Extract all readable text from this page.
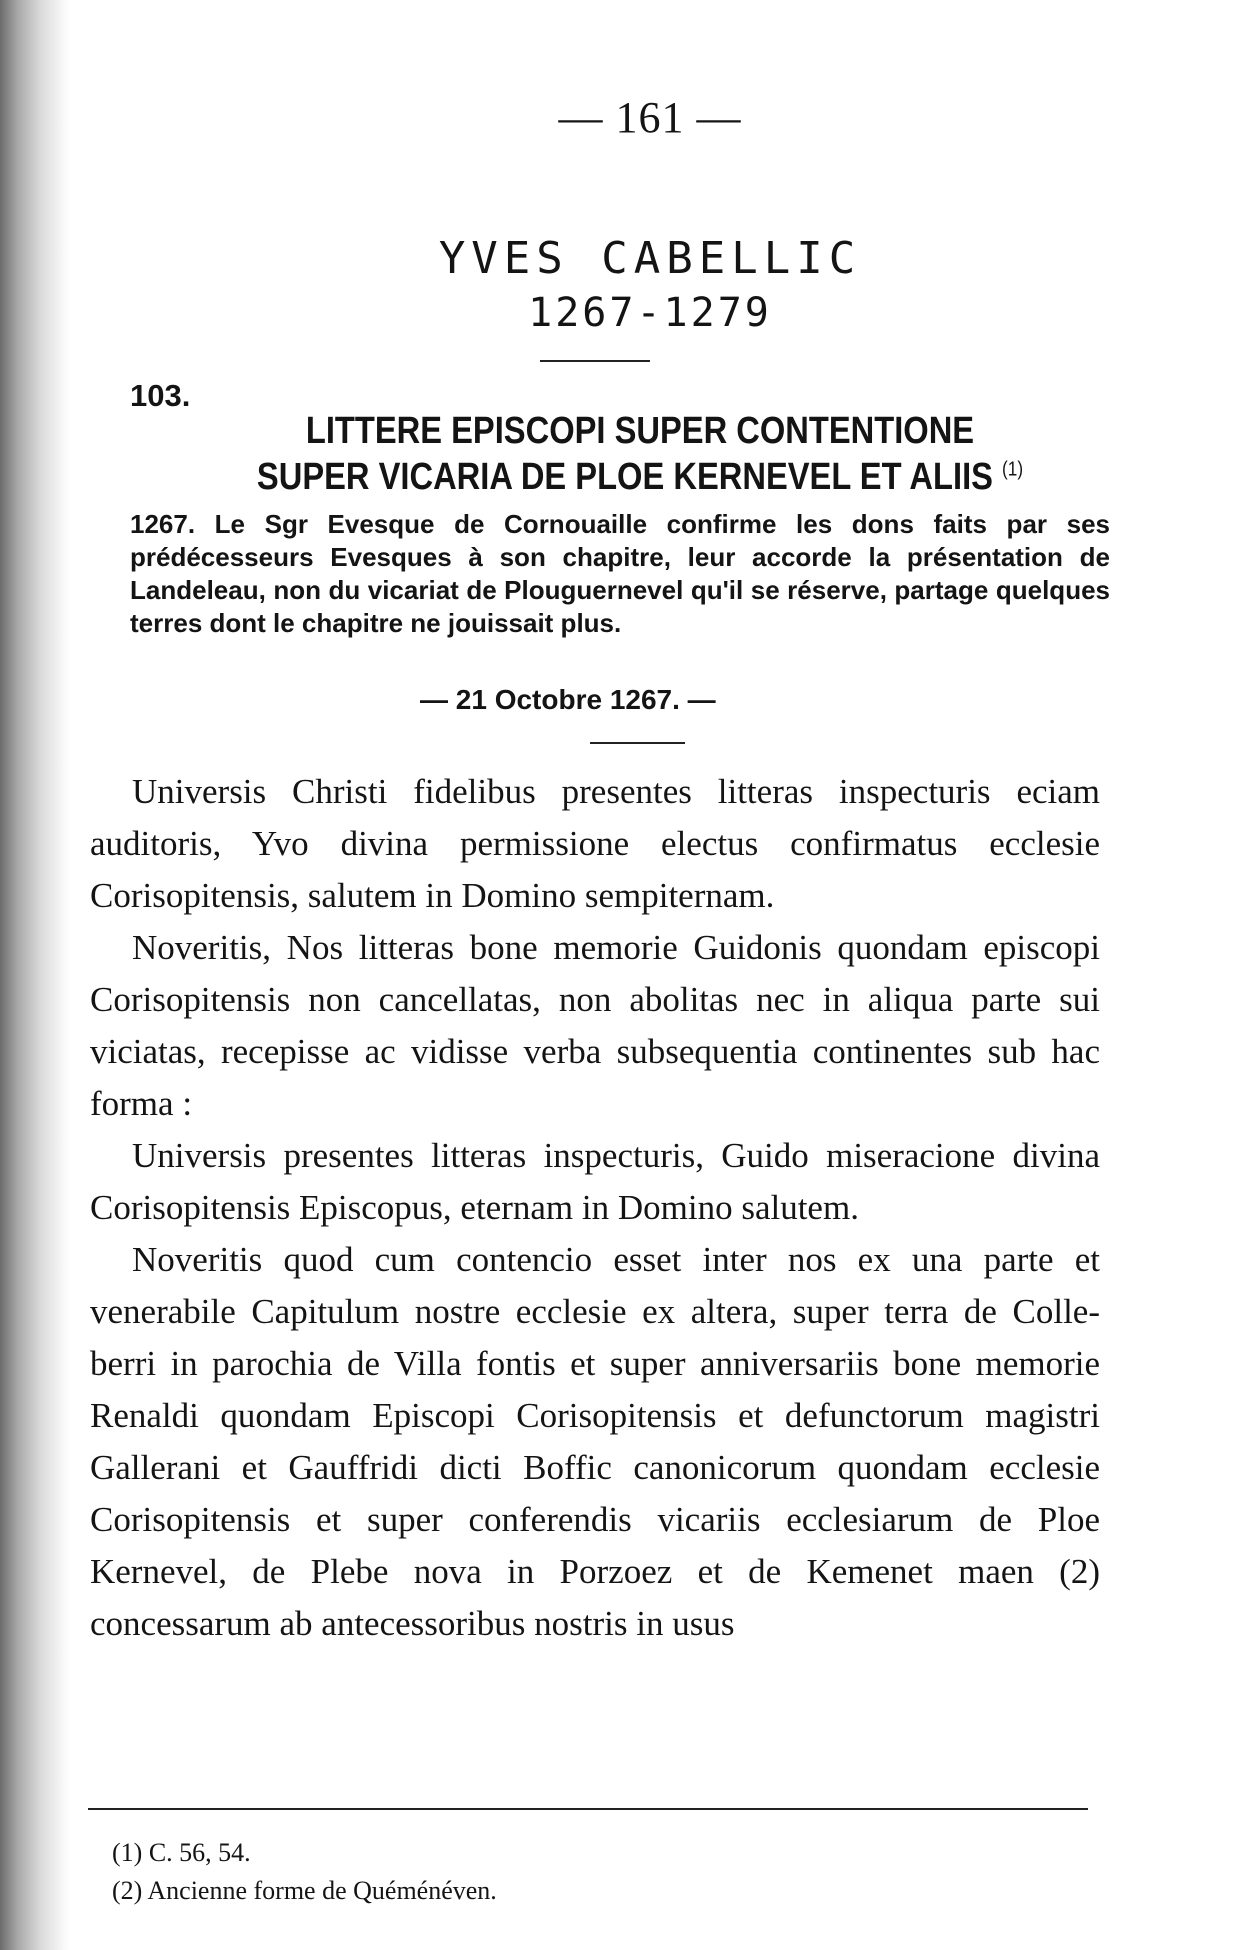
— 161 —
YVES CABELLIC
1267-1279
103.
LITTERE EPISCOPI SUPER CONTENTIONE
SUPER VICARIA DE PLOE KERNEVEL ET ALIIS $^{(1)}$
1267. Le Sgr Evesque de Cornouaille confirme les dons faits par ses prédécesseurs Evesques à son chapitre, leur accorde la présentation de Landeleau, non du vicariat de Plouguernevel qu'il se réserve, partage quelques terres dont le chapitre ne jouissait plus.
— 21 Octobre 1267. —

Universis Christi fidelibus presentes litteras inspecturis eciam auditoris, Yvo divina permissione electus confirmatus ecclesie Corisopitensis, salutem in Domino sempiternam.

Noveritis, Nos litteras bone memorie Guidonis quondam episcopi Corisopitensis non cancellatas, non abolitas nec in aliqua parte sui viciatas, recepisse ac vidisse verba subsequentia continentes sub hac forma :

Universis presentes litteras inspecturis, Guido miseracione divina Corisopitensis Episcopus, eternam in Domino salutem.

Noveritis quod cum contencio esset inter nos ex una parte et venerabile Capitulum nostre ecclesie ex altera, super terra de Colle-berri in parochia de Villa fontis et super anniversariis bone memorie Renaldi quondam Episcopi Corisopitensis et defunctorum magistri Gallerani et Gauffridi dicti Boffic canonicorum quondam ecclesie Corisopitensis et super conferendis vicariis ecclesiarum de Ploe Kernevel, de Plebe nova in Porzoez et de Kemenet maen (2) concessarum ab antecessoribus nostris in usus

(1) C. 56, 54.
(2) Ancienne forme de Quéménéven.
